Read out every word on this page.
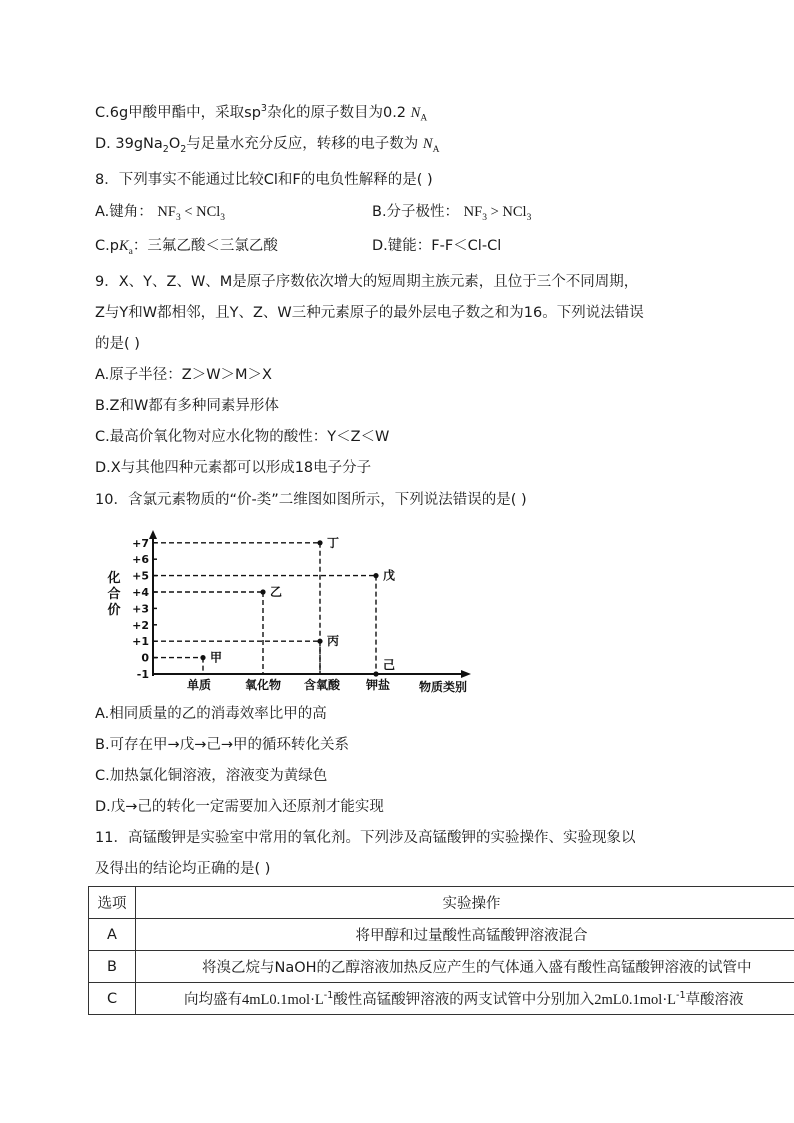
C.6g甲酸甲酯中，采取$sp^3$杂化的原子数目为0.2 $N_A$
D. $39gNa_2O_2$与足量水充分反应，转移的电子数为 $N_A$
8．下列事实不能通过比较Cl和F的电负性解释的是( )
A.键角： $NF_3 < NCl_3$	B.分子极性： $NF_3 > NCl_3$
$C.pK_a$：三氟乙酸＜三氯乙酸	D.键能：F-F＜Cl-Cl
9．X、Y、Z、W、M是原子序数依次增大的短周期主族元素，且位于三个不同周期，
Z与Y和W都相邻，且Y、Z、W三种元素原子的最外层电子数之和为16。下列说法错误
的是( )
A.原子半径：Z＞W＞M＞X
B.Z和W都有多种同素异形体
C.最高价氧化物对应水化物的酸性：Y＜Z＜W
D.X与其他四种元素都可以形成18电子分子
10．含氯元素物质的“价-类”二维图如图所示，下列说法错误的是( )
+7
+6
+5
+4
+3
+2
+1
0
-1
化
合
价
单质	氧化物 含氧酸 钾盐 物质类别
甲
乙
丙
丁
戊
己
A.相同质量的乙的消毒效率比甲的高
B.可存在甲→戊→己→甲的循环转化关系
C.加热氯化铜溶液，溶液变为黄绿色
D.戊→己的转化一定需要加入还原剂才能实现
11．高锰酸钾是实验室中常用的氧化剂。下列涉及高锰酸钾的实验操作、实验现象以
及得出的结论均正确的是( )
选项	实验操作
A	将甲醇和过量酸性高锰酸钾溶液混合
B	将溴乙烷与NaOH的乙醇溶液加热反应产生的气体通入盛有酸性高锰酸钾溶液的试管中
C	向均盛有$4mL0.1mol\cdot L^{-1}$酸性高锰酸钾溶液的两支试管中分别加入$2mL0.1mol\cdot L^{-1}$草酸溶液
